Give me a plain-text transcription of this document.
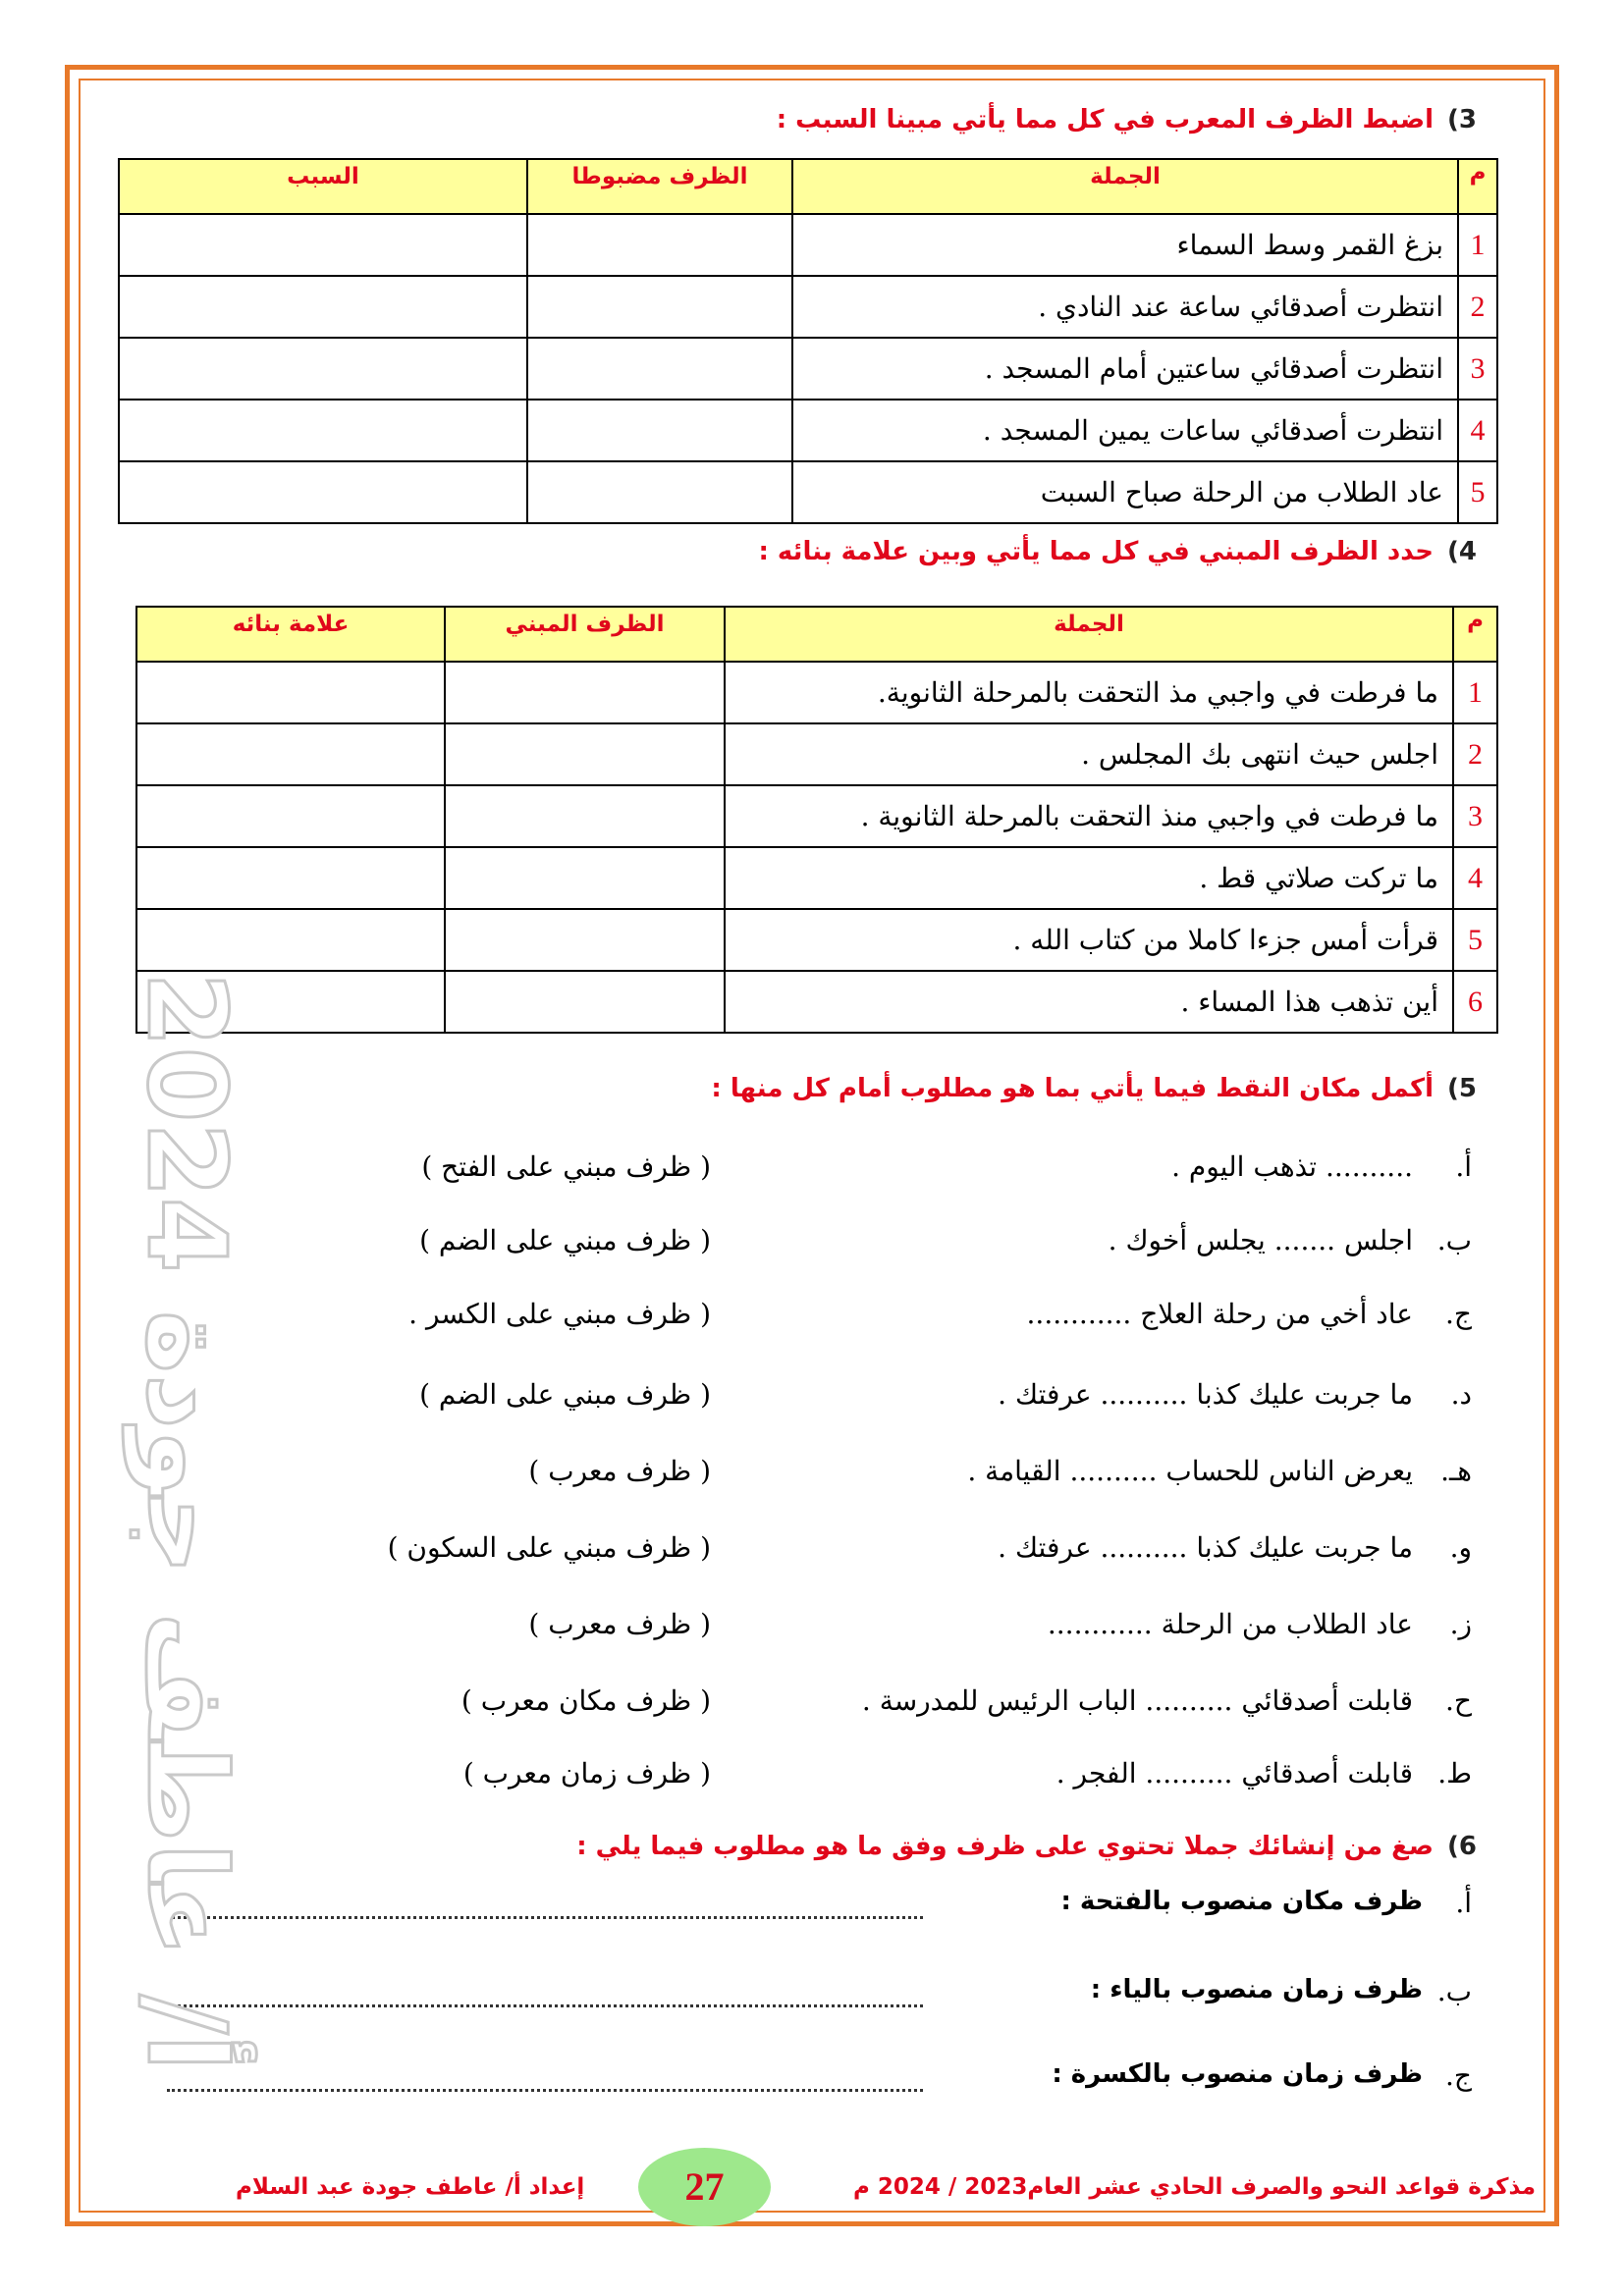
3)اضبط الظرف المعرب في كل مما يأتي مبينا السبب :
م	الجملة	الظرف مضبوطا	السبب
1	بزغ القمر وسط السماء		
2	انتظرت أصدقائي ساعة عند النادي .		
3	انتظرت أصدقائي ساعتين أمام المسجد .		
4	انتظرت أصدقائي ساعات يمين المسجد .		
5	عاد الطلاب من الرحلة صباح السبت		
4)حدد الظرف المبني في كل مما يأتي وبين علامة بنائه :
م	الجملة	الظرف المبني	علامة بنائه
1	ما فرطت في واجبي مذ التحقت بالمرحلة الثانوية.		
2	اجلس حيث انتهى بك المجلس .		
3	ما فرطت في واجبي منذ التحقت بالمرحلة الثانوية .		
4	ما تركت صلاتي قط .		
5	قرأت أمس جزءا كاملا من كتاب الله .		
6	أين تذهب هذا المساء .		
5)أكمل مكان النقط فيما يأتي بما هو مطلوب أمام كل منها :
أ.
.......... تذهب اليوم .
( ظرف مبني على الفتح )
ب.
اجلس ....... يجلس أخوك .
( ظرف مبني على الضم )
ج.
عاد أخي من رحلة العلاج ............
( ظرف مبني على الكسر .
د.
ما جربت عليك كذبا .......... عرفتك .
( ظرف مبني على الضم )
هـ.
يعرض الناس للحساب .......... القيامة .
( ظرف معرب )
و.
ما جربت عليك كذبا .......... عرفتك .
( ظرف مبني على السكون )
ز.
عاد الطلاب من الرحلة ............
( ظرف معرب )
ح.
قابلت أصدقائي .......... الباب الرئيس للمدرسة .
( ظرف مكان معرب )
ط.
قابلت أصدقائي .......... الفجر .
( ظرف زمان معرب )
6)صغ من إنشائك جملا تحتوي على ظرف وفق ما هو مطلوب فيما يلي :
أ.
ظرف مكان منصوب بالفتحة :
ب.
ظرف زمان منصوب بالياء :
ج.
ظرف زمان منصوب بالكسرة :
أ/ عاطف جودة 2024
مذكرة قواعد النحو والصرف الحادي عشر العام2023 / 2024 م
27
إعداد أ/ عاطف جودة عبد السلام
